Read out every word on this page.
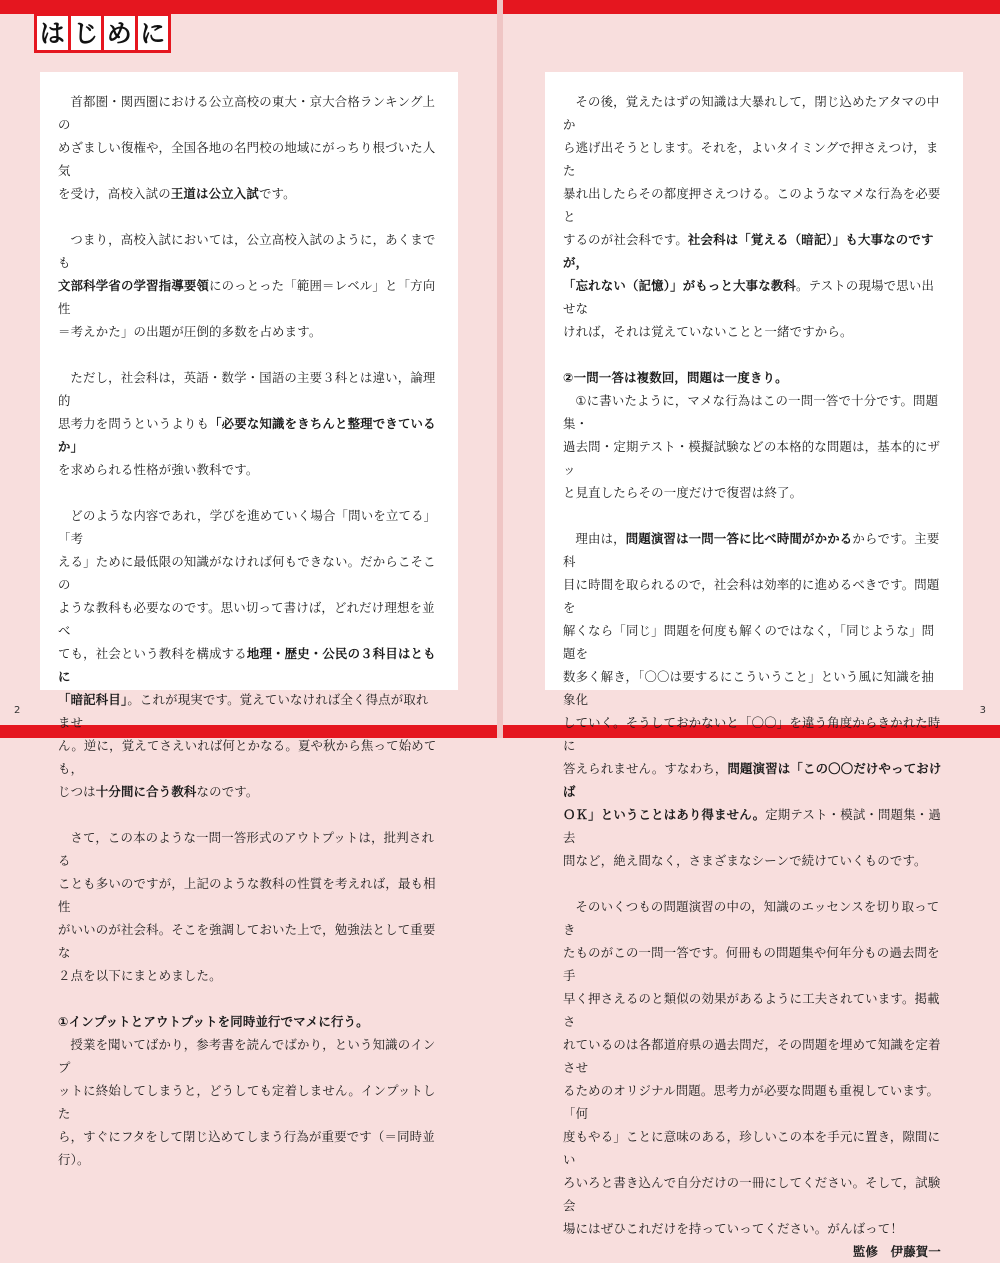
は じ め に

首都圏・関西圏における公立高校の東大・京大合格ランキング上の

めざましい復権や，全国各地の名門校の地域にがっちり根づいた人気

を受け，高校入試の王道は公立入試です。

つまり，高校入試においては，公立高校入試のように，あくまでも

文部科学省の学習指導要領にのっとった「範囲＝レベル」と「方向性

＝考えかた」の出題が圧倒的多数を占めます。

ただし，社会科は，英語・数学・国語の主要３科とは違い，論理的

思考力を問うというよりも「必要な知識をきちんと整理できているか」

を求められる性格が強い教科です。

どのような内容であれ，学びを進めていく場合「問いを立てる」「考

える」ために最低限の知識がなければ何もできない。だからこそこの

ような教科も必要なのです。思い切って書けば，どれだけ理想を並べ

ても，社会という教科を構成する地理・歴史・公民の３科目はともに

「暗記科目」。これが現実です。覚えていなければ全く得点が取れませ

ん。逆に，覚えてさえいれば何とかなる。夏や秋から焦って始めても，

じつは十分間に合う教科なのです。

さて，この本のような一問一答形式のアウトプットは，批判される

ことも多いのですが，上記のような教科の性質を考えれば，最も相性

がいいのが社会科。そこを強調しておいた上で，勉強法として重要な

２点を以下にまとめました。

①インプットとアウトプットを同時並行でマメに行う。

授業を聞いてばかり，参考書を読んでばかり，という知識のインプ

ットに終始してしまうと，どうしても定着しません。インプットした

ら，すぐにフタをして閉じ込めてしまう行為が重要です（＝同時並行）。

その後，覚えたはずの知識は大暴れして，閉じ込めたアタマの中か

ら逃げ出そうとします。それを，よいタイミングで押さえつけ，また

暴れ出したらその都度押さえつける。このようなマメな行為を必要と

するのが社会科です。社会科は「覚える（暗記）」も大事なのですが，

「忘れない（記憶）」がもっと大事な教科。テストの現場で思い出せな

ければ，それは覚えていないことと一緒ですから。

②一問一答は複数回，問題は一度きり。

①に書いたように，マメな行為はこの一問一答で十分です。問題集・

過去問・定期テスト・模擬試験などの本格的な問題は，基本的にザッ

と見直したらその一度だけで復習は終了。

理由は，問題演習は一問一答に比べ時間がかかるからです。主要科

目に時間を取られるので，社会科は効率的に進めるべきです。問題を

解くなら「同じ」問題を何度も解くのではなく，「同じような」問題を

数多く解き，「〇〇は要するにこういうこと」という風に知識を抽象化

していく。そうしておかないと「〇〇」を違う角度からきかれた時に

答えられません。すなわち，問題演習は「この〇〇だけやっておけば

ＯＫ」ということはあり得ません。定期テスト・模試・問題集・過去

問など，絶え間なく，さまざまなシーンで続けていくものです。

そのいくつもの問題演習の中の，知識のエッセンスを切り取ってき

たものがこの一問一答です。何冊もの問題集や何年分もの過去問を手

早く押さえるのと類似の効果があるように工夫されています。掲載さ

れているのは各都道府県の過去問だ，その問題を埋めて知識を定着させ

るためのオリジナル問題。思考力が必要な問題も重視しています。「何

度もやる」ことに意味のある，珍しいこの本を手元に置き，隙間にい

ろいろと書き込んで自分だけの一冊にしてください。そして，試験会

場にはぜひこれだけを持っていってください。がんばって！

監修　伊藤賀一

2	3
